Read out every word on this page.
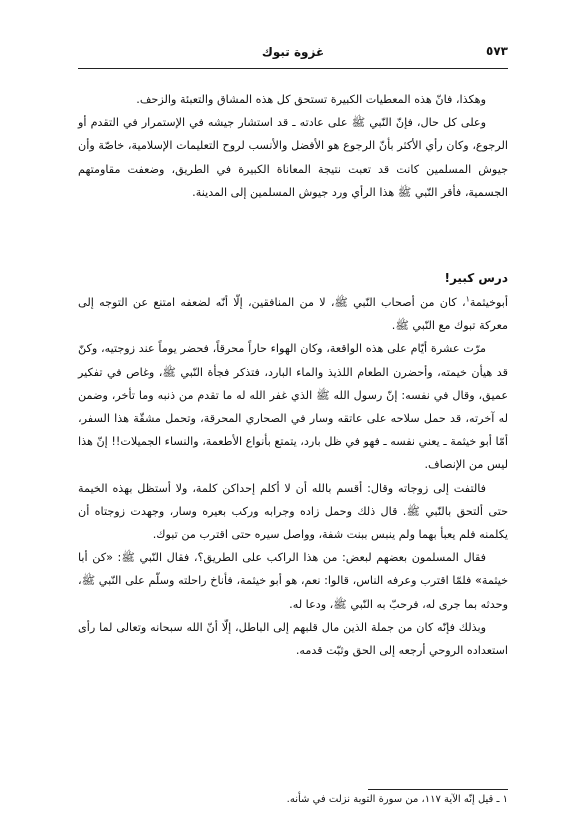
٥٧٣
غزوة تبوك

وهكذا، فانّ هذه المعطيات الكبيرة تستحق كل هذه المشاق والتعبئة والزحف.

وعلى كل حال، فإنّ النّبي ﷺ على عادته ـ قد استشار جيشه في الإستمرار في التقدم أو الرجوع، وكان رأي الأكثر بأنّ الرجوع هو الأفضل والأنسب لروح التعليمات الإسلامية، خاصّة وأن جيوش المسلمين كانت قد تعبت نتيجة المعاناة الكبيرة في الطريق، وضعفت مقاومتهم الجسمية، فأقر النّبي ﷺ هذا الرأي ورد جيوش المسلمين إلى المدينة.

درس كبير!

أبوخيثمة$^١$، كان من أصحاب النّبي ﷺ، لا من المنافقين، إلّا أنّه لضعفه امتنع عن التوجه إلى معركة تبوك مع النّبي ﷺ.

مرّت عشرة أيّام على هذه الواقعة، وكان الهواء حاراً محرقاً، فحضر يوماً عند زوجتيه، وكنّ قد هيأن خيمته، وأحضرن الطعام اللذيذ والماء البارد، فتذكر فجأة النّبي ﷺ، وغاص في تفكير عميق، وقال في نفسه: إنّ رسول الله ﷺ الذي غفر الله له ما تقدم من ذنبه وما تأخر، وضمن له آخرته، قد حمل سلاحه على عاتقه وسار في الصحاري المحرقة، وتحمل مشقّة هذا السفر، أمّا أبو خيثمة ـ يعني نفسه ـ فهو في ظل بارد، يتمتع بأنواع الأطعمة، والنساء الجميلات!! إنّ هذا ليس من الإنصاف.

فالتفت إلى زوجاته وقال: أقسم بالله أن لا أكلم إحداكن كلمة، ولا أستظل بهذه الخيمة حتى ألتحق بالنّبي ﷺ. قال ذلك وحمل زاده وجرابه وركب بعيره وسار، وجهدت زوجتاه أن يكلمنه فلم يعبأ بهما ولم ينبس ببنت شفة، وواصل سيره حتى اقترب من تبوك.

فقال المسلمون بعضهم لبعض: من هذا الراكب على الطريق؟، فقال النّبي ﷺ: «كن أبا خيثمة» فلمّا اقترب وعرفه الناس، قالوا: نعم، هو أبو خيثمة، فأناخ راحلته وسلّم على النّبي ﷺ، وحدثه بما جرى له، فرحبّ به النّبي ﷺ، ودعا له.

وبذلك فإنّه كان من جملة الذين مال قلبهم إلى الباطل، إلّا أنّ الله سبحانه وتعالى لما رأى استعداده الروحي أرجعه إلى الحق وثبّت قدمه.

١ ـ قيل إنّه الآية ١١٧، من سورة التوبة نزلت في شأنه.
